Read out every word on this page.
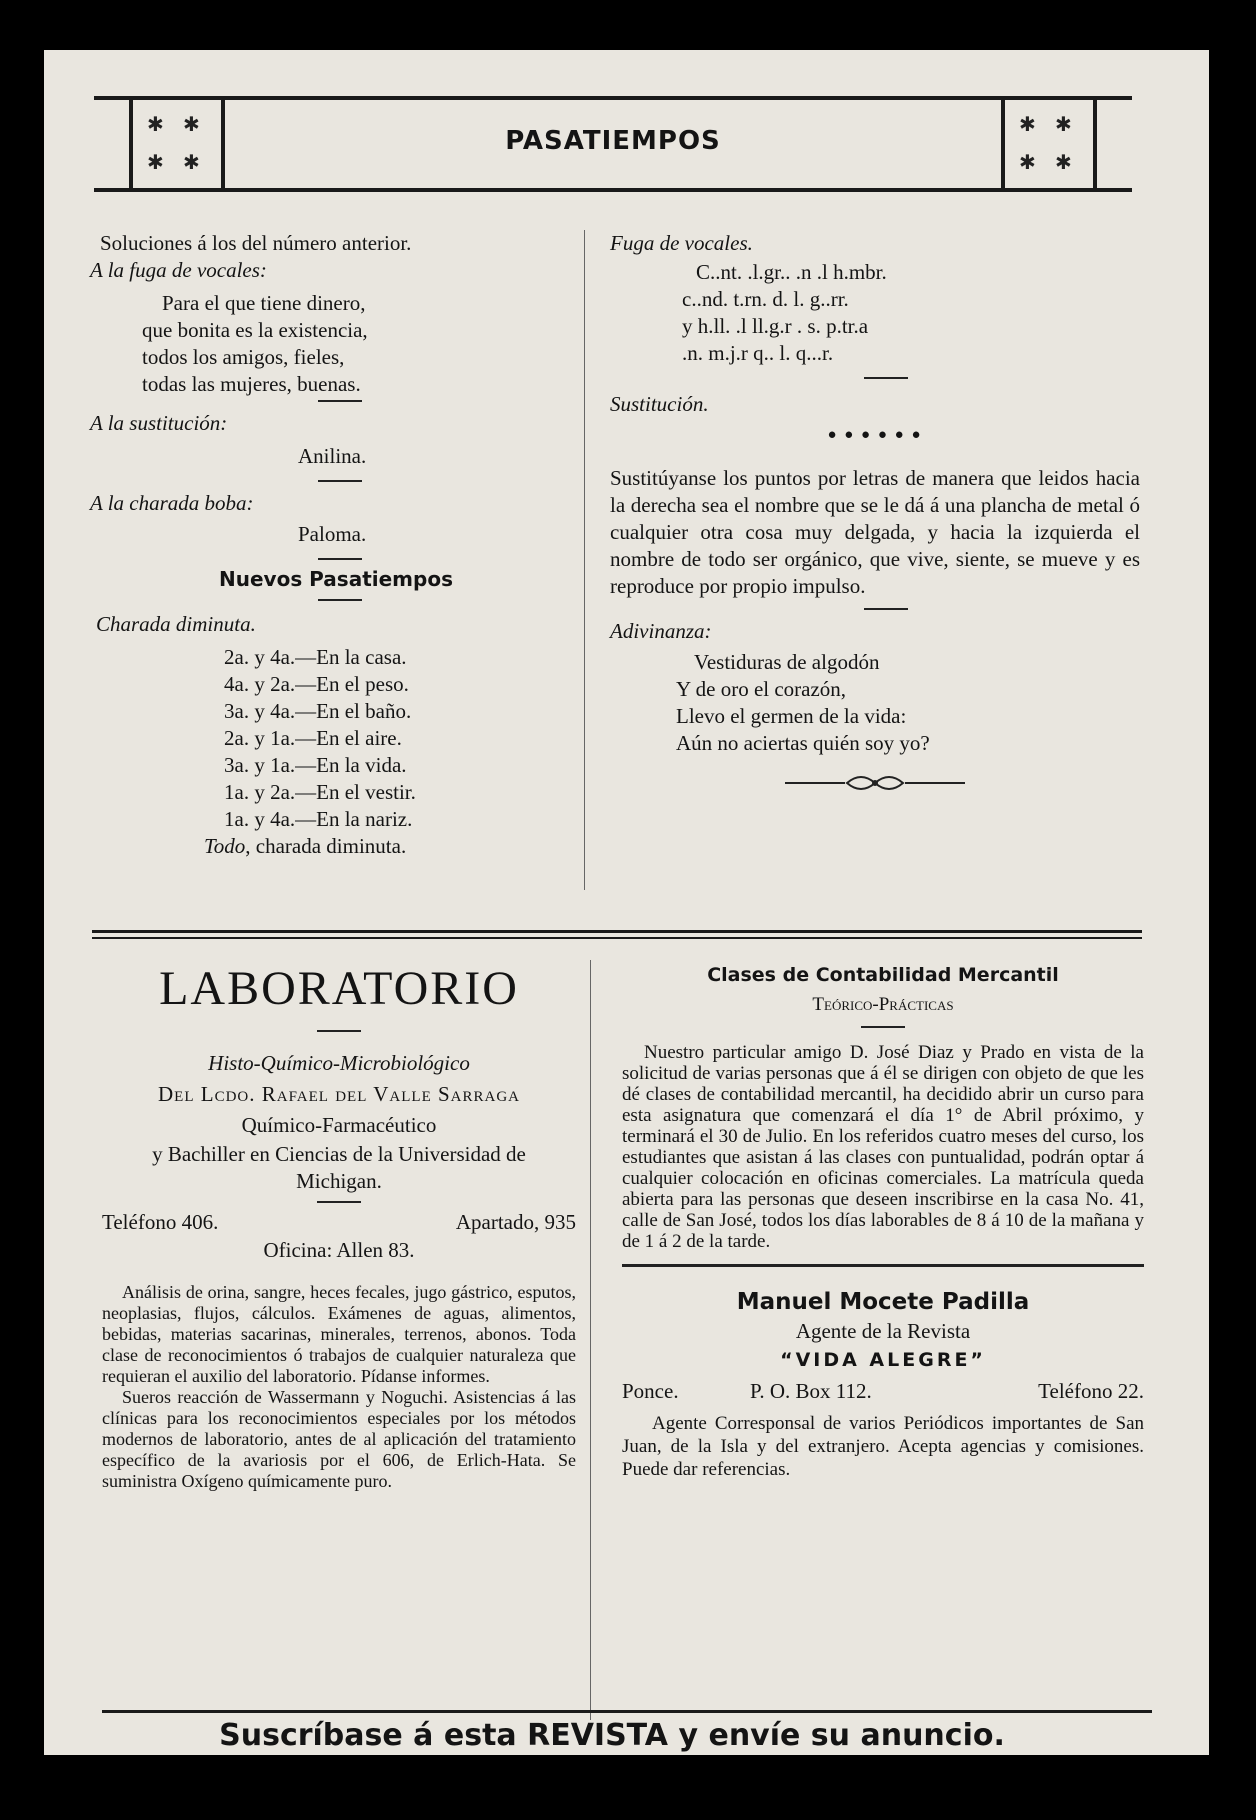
✱ ✱
✱ ✱
PASATIEMPOS
✱ ✱
✱ ✱
Soluciones á los del número anterior.
A la fuga de vocales:
Para el que tiene dinero,
que bonita es la existencia,
todos los amigos, fieles,
todas las mujeres, buenas.
A la sustitución:
Anilina.
A la charada boba:
Paloma.
Nuevos Pasatiempos
Charada diminuta.
2a. y 4a.—En la casa.
4a. y 2a.—En el peso.
3a. y 4a.—En el baño.
2a. y 1a.—En el aire.
3a. y 1a.—En la vida.
1a. y 2a.—En el vestir.
1a. y 4a.—En la nariz.
Todo, charada diminuta.
Fuga de vocales.
C..nt. .l.gr.. .n .l h.mbr.
c..nd. t.rn. d. l. g..rr.
y h.ll. .l ll.g.r . s. p.tr.a
.n. m.j.r q.. l. q...r.
Sustitución.
● ● ● ● ● ●
Sustitúyanse los puntos por letras de manera que leidos hacia la derecha sea el nombre que se le dá á una plancha de metal ó cualquier otra cosa muy delgada, y hacia la izquierda el nombre de todo ser orgánico, que vive, siente, se mueve y es reproduce por propio impulso.
Adivinanza:
Vestiduras de algodón
Y de oro el corazón,
Llevo el germen de la vida:
Aún no aciertas quién soy yo?
LABORATORIO
Histo-Químico-Microbiológico
Del Lcdo. Rafael del Valle Sarraga
Químico-Farmacéutico
y Bachiller en Ciencias de la Universidad de Michigan.
Teléfono 406.	Apartado, 935
Oficina: Allen 83.
Análisis de orina, sangre, heces fecales, jugo gástrico, esputos, neoplasias, flujos, cálculos. Exámenes de aguas, alimentos, bebidas, materias sacarinas, minerales, terrenos, abonos. Toda clase de reconocimientos ó trabajos de cualquier naturaleza que requieran el auxilio del laboratorio. Pídanse informes.
Sueros reacción de Wassermann y Noguchi. Asistencias á las clínicas para los reconocimientos especiales por los métodos modernos de laboratorio, antes de al aplicación del tratamiento específico de la avariosis por el 606, de Erlich-Hata. Se suministra Oxígeno químicamente puro.
Clases de Contabilidad Mercantil
Teórico-Prácticas
Nuestro particular amigo D. José Diaz y Prado en vista de la solicitud de varias personas que á él se dirigen con objeto de que les dé clases de contabilidad mercantil, ha decidido abrir un curso para esta asignatura que comenzará el día 1° de Abril próximo, y terminará el 30 de Julio. En los referidos cuatro meses del curso, los estudiantes que asistan á las clases con puntualidad, podrán optar á cualquier colocación en oficinas comerciales. La matrícula queda abierta para las personas que deseen inscribirse en la casa No. 41, calle de San José, todos los días laborables de 8 á 10 de la mañana y de 1 á 2 de la tarde.
Manuel Mocete Padilla
Agente de la Revista
“VIDA ALEGRE”
Ponce.	P. O. Box 112.	Teléfono 22.
Agente Corresponsal de varios Periódicos importantes de San Juan, de la Isla y del extranjero. Acepta agencias y comisiones. Puede dar referencias.
Suscríbase á esta REVISTA y envíe su anuncio.
